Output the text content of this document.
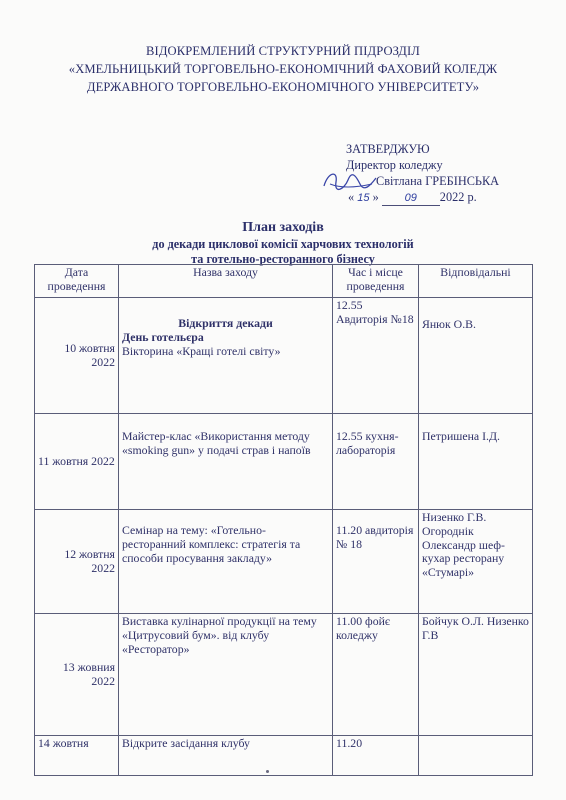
ВІДОКРЕМЛЕНИЙ СТРУКТУРНИЙ ПІДРОЗДІЛ
«ХМЕЛЬНИЦЬКИЙ ТОРГОВЕЛЬНО-ЕКОНОМІЧНИЙ ФАХОВИЙ КОЛЕДЖ
ДЕРЖАВНОГО ТОРГОВЕЛЬНО-ЕКОНОМІЧНОГО УНІВЕРСИТЕТУ»
ЗАТВЕРДЖУЮ
Директор коледжу
Світлана ГРЕБІНСЬКА
« 15 » 09 2022 р.
План заходів
до декади циклової комісії харчових технологій
та готельно-ресторанного бізнесу
Дата проведення	Назва заходу	Час і місце проведення	Відповідальні
10 жовтня 2022	Відкриття декади
День готельєра
Вікторина «Кращі готелі світу»	12.55 Авдиторія №18	Янюк О.В.
11 жовтня 2022	Майстер-клас «Використання методу «smoking gun» у подачі страв і напоїв	12.55 кухня-лабораторія	Петришена І.Д.
12 жовтня 2022	Семінар на тему: «Готельно-ресторанний комплекс: стратегія та способи просування закладу»	11.20 авдиторія № 18	Низенко Г.В. Огороднік Олександр шеф-кухар ресторану «Стумарі»
13 жовния 2022	Виставка кулінарної продукції на тему «Цитрусовий бум». від клубу «Ресторатор»	11.00 фойє коледжу	Бойчук О.Л. Низенко Г.В
14 жовтня	Відкрите засідання клубу	11.20	
